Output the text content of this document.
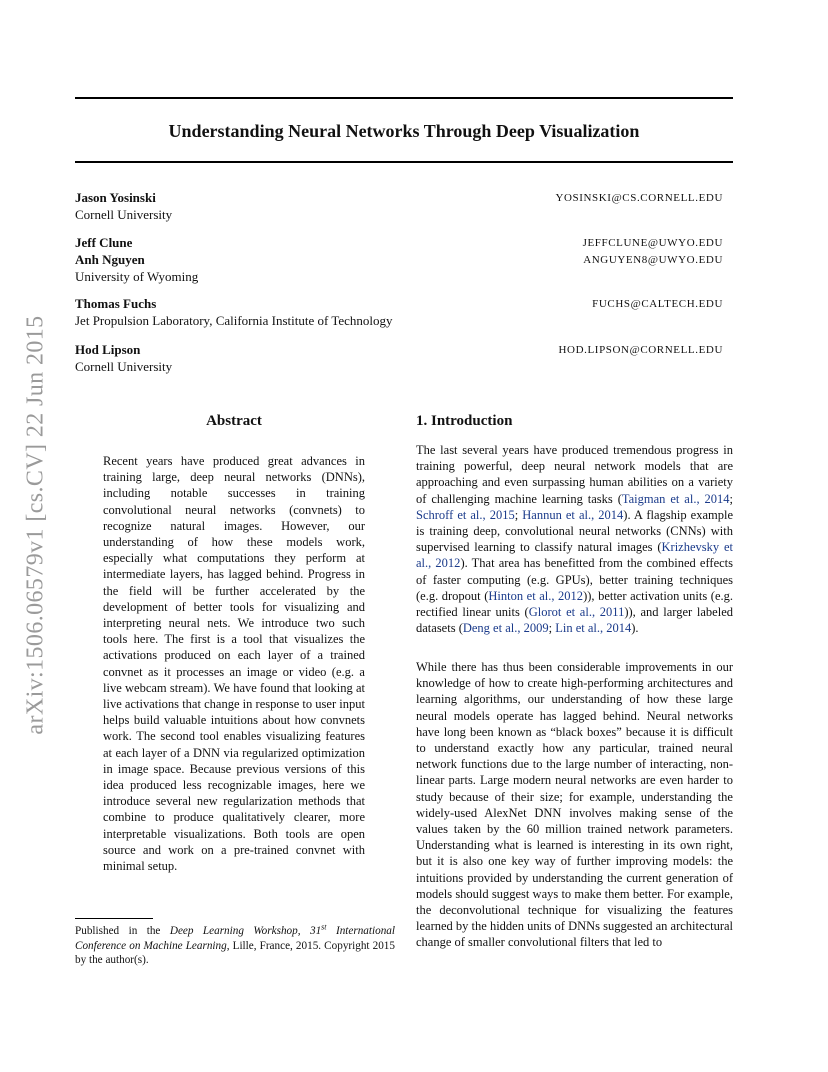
Understanding Neural Networks Through Deep Visualization
arXiv:1506.06579v1 [cs.CV] 22 Jun 2015
Jason Yosinski	YOSINSKI@CS.CORNELL.EDU
Cornell University
Jeff Clune	JEFFCLUNE@UWYO.EDU
Anh Nguyen	ANGUYEN8@UWYO.EDU
University of Wyoming
Thomas Fuchs	FUCHS@CALTECH.EDU
Jet Propulsion Laboratory, California Institute of Technology
Hod Lipson	HOD.LIPSON@CORNELL.EDU
Cornell University
Abstract
Recent years have produced great advances in training large, deep neural networks (DNNs), including notable successes in training convolutional neural networks (convnets) to recognize natural images. However, our understanding of how these models work, especially what computations they perform at intermediate layers, has lagged behind. Progress in the field will be further accelerated by the development of better tools for visualizing and interpreting neural nets. We introduce two such tools here. The first is a tool that visualizes the activations produced on each layer of a trained convnet as it processes an image or video (e.g. a live webcam stream). We have found that looking at live activations that change in response to user input helps build valuable intuitions about how convnets work. The second tool enables visualizing features at each layer of a DNN via regularized optimization in image space. Because previous versions of this idea produced less recognizable images, here we introduce several new regularization methods that combine to produce qualitatively clearer, more interpretable visualizations. Both tools are open source and work on a pre-trained convnet with minimal setup.
Published in the Deep Learning Workshop, 31st International Conference on Machine Learning, Lille, France, 2015. Copyright 2015 by the author(s).
1. Introduction

The last several years have produced tremendous progress in training powerful, deep neural network models that are approaching and even surpassing human abilities on a variety of challenging machine learning tasks (Taigman et al., 2014; Schroff et al., 2015; Hannun et al., 2014). A flagship example is training deep, convolutional neural networks (CNNs) with supervised learning to classify natural images (Krizhevsky et al., 2012). That area has benefitted from the combined effects of faster computing (e.g. GPUs), better training techniques (e.g. dropout (Hinton et al., 2012)), better activation units (e.g. rectified linear units (Glorot et al., 2011)), and larger labeled datasets (Deng et al., 2009; Lin et al., 2014).

While there has thus been considerable improvements in our knowledge of how to create high-performing architectures and learning algorithms, our understanding of how these large neural models operate has lagged behind. Neural networks have long been known as “black boxes” because it is difficult to understand exactly how any particular, trained neural network functions due to the large number of interacting, non-linear parts. Large modern neural networks are even harder to study because of their size; for example, understanding the widely-used AlexNet DNN involves making sense of the values taken by the 60 million trained network parameters. Understanding what is learned is interesting in its own right, but it is also one key way of further improving models: the intuitions provided by understanding the current generation of models should suggest ways to make them better. For example, the deconvolutional technique for visualizing the features learned by the hidden units of DNNs suggested an architectural change of smaller convolutional filters that led to
